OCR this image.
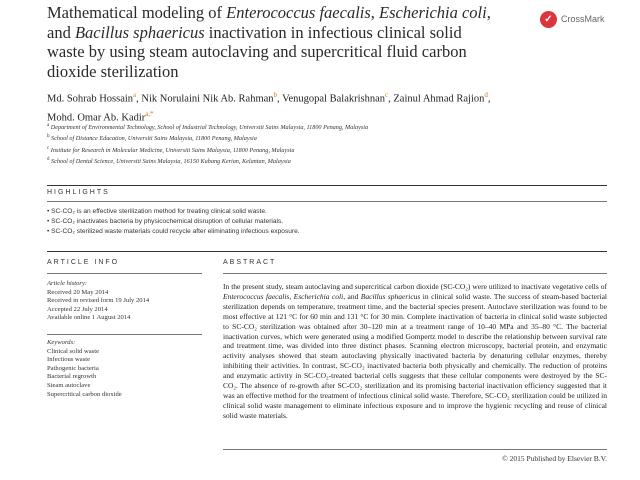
Mathematical modeling of Enterococcus faecalis, Escherichia coli,
and Bacillus sphaericus inactivation in infectious clinical solid
waste by using steam autoclaving and supercritical fluid carbon
dioxide sterilization
✓ CrossMark
Md. Sohrab Hossain$^a$, Nik Norulaini Nik Ab. Rahman$^b$, Venugopal Balakrishnan$^c$, Zainul Ahmad Rajion$^d$,
Mohd. Omar Ab. Kadir$^{a,*}$
$^a$ Department of Environmental Technology, School of Industrial Technology, Universiti Sains Malaysia, 11800 Penang, Malaysia
$^b$ School of Distance Education, Universiti Sains Malaysia, 11800 Penang, Malaysia
$^c$ Institute for Research in Molecular Medicine, Universiti Sains Malaysia, 11800 Penang, Malaysia
$^d$ School of Dental Science, Universiti Sains Malaysia, 16150 Kubang Kerian, Kelantan, Malaysia
HIGHLIGHTS
• SC-CO₂ is an effective sterilization method for treating clinical solid waste.
• SC-CO₂ inactivates bacteria by physicochemical disruption of cellular materials.
• SC-CO₂ sterilized waste materials could recycle after eliminating infectious exposure.
ARTICLE INFO	ABSTRACT
Article history:
Received 20 May 2014
Received in revised form 19 July 2014
Accepted 22 July 2014
Available online 1 August 2014
Keywords:
Clinical solid waste
Infectious waste
Pathogenic bacteria
Bacterial regrowth
Steam autoclave
Supercritical carbon dioxide
In the present study, steam autoclaving and supercritical carbon dioxide (SC-CO₂) were utilized to inactivate vegetative cells of Enterococcus faecalis, Escherichia coli, and Bacillus sphaericus in clinical solid waste. The success of steam-based bacterial sterilization depends on temperature, treatment time, and the bacterial species present. Autoclave sterilization was found to be most effective at 121 °C for 60 min and 131 °C for 30 min. Complete inactivation of bacteria in clinical solid waste subjected to SC-CO₂ sterilization was obtained after 30–120 min at a treatment range of 10–40 MPa and 35–80 °C. The bacterial inactivation curves, which were generated using a modified Gompertz model to describe the relationship between survival rate and treatment time, was divided into three distinct phases. Scanning electron microscopy, bacterial protein, and enzymatic activity analyses showed that steam autoclaving physically inactivated bacteria by denaturing cellular enzymes, thereby inhibiting their activities. In contrast, SC-CO₂ inactivated bacteria both physically and chemically. The reduction of proteins and enzymatic activity in SC-CO₂-treated bacterial cells suggests that these cellular components were destroyed by the SC-CO₂. The absence of re-growth after SC-CO₂ sterilization and its promising bacterial inactivation efficiency suggested that it was an effective method for the treatment of infectious clinical solid waste. Therefore, SC-CO₂ sterilization could be utilized in clinical solid waste management to eliminate infectious exposure and to improve the hygienic recycling and reuse of clinical solid waste materials.
© 2015 Published by Elsevier B.V.
